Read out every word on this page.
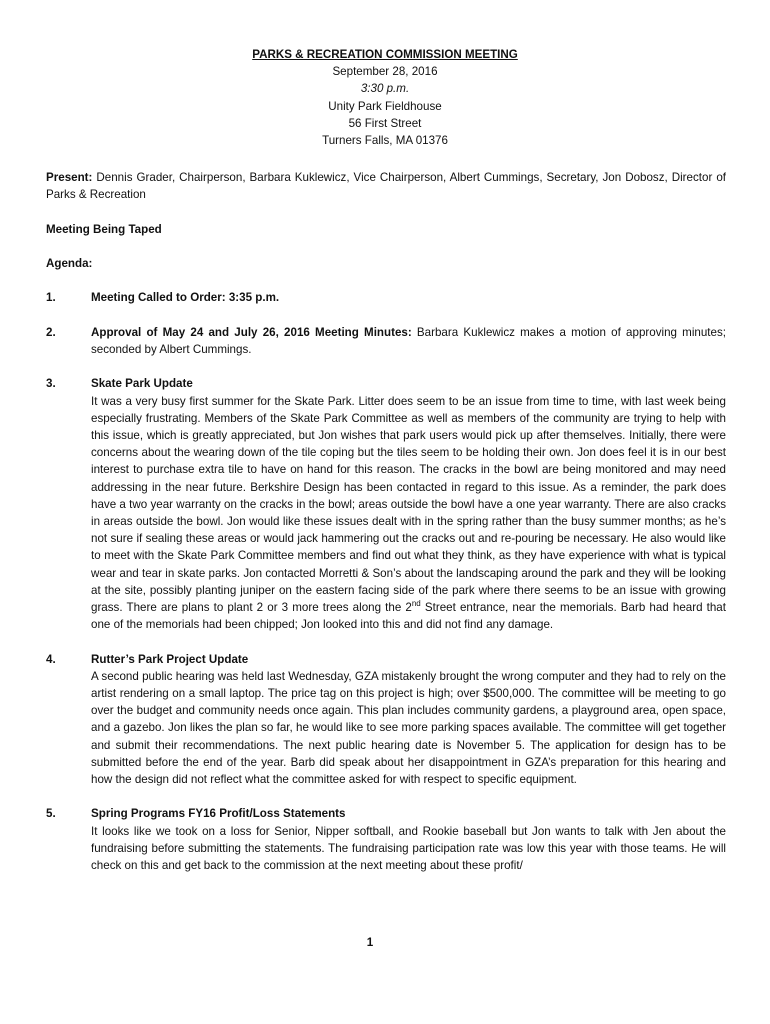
PARKS & RECREATION COMMISSION MEETING
September 28, 2016
3:30 p.m.
Unity Park Fieldhouse
56 First Street
Turners Falls, MA 01376
Present: Dennis Grader, Chairperson, Barbara Kuklewicz, Vice Chairperson, Albert Cummings, Secretary, Jon Dobosz, Director of Parks & Recreation
Meeting Being Taped
Agenda:
1.	Meeting Called to Order: 3:35 p.m.
2.	Approval of May 24 and July 26, 2016 Meeting Minutes: Barbara Kuklewicz makes a motion of approving minutes; seconded by Albert Cummings.
3.	Skate Park Update
It was a very busy first summer for the Skate Park. Litter does seem to be an issue from time to time, with last week being especially frustrating. Members of the Skate Park Committee as well as members of the community are trying to help with this issue, which is greatly appreciated, but Jon wishes that park users would pick up after themselves. Initially, there were concerns about the wearing down of the tile coping but the tiles seem to be holding their own. Jon does feel it is in our best interest to purchase extra tile to have on hand for this reason. The cracks in the bowl are being monitored and may need addressing in the near future. Berkshire Design has been contacted in regard to this issue. As a reminder, the park does have a two year warranty on the cracks in the bowl; areas outside the bowl have a one year warranty. There are also cracks in areas outside the bowl. Jon would like these issues dealt with in the spring rather than the busy summer months; as he’s not sure if sealing these areas or would jack hammering out the cracks out and re-pouring be necessary. He also would like to meet with the Skate Park Committee members and find out what they think, as they have experience with what is typical wear and tear in skate parks. Jon contacted Morretti & Son’s about the landscaping around the park and they will be looking at the site, possibly planting juniper on the eastern facing side of the park where there seems to be an issue with growing grass. There are plans to plant 2 or 3 more trees along the 2nd Street entrance, near the memorials. Barb had heard that one of the memorials had been chipped; Jon looked into this and did not find any damage.
4.	Rutter’s Park Project Update
A second public hearing was held last Wednesday, GZA mistakenly brought the wrong computer and they had to rely on the artist rendering on a small laptop. The price tag on this project is high; over $500,000. The committee will be meeting to go over the budget and community needs once again. This plan includes community gardens, a playground area, open space, and a gazebo. Jon likes the plan so far, he would like to see more parking spaces available. The committee will get together and submit their recommendations. The next public hearing date is November 5. The application for design has to be submitted before the end of the year. Barb did speak about her disappointment in GZA’s preparation for this hearing and how the design did not reflect what the committee asked for with respect to specific equipment.
5.	Spring Programs FY16 Profit/Loss Statements
It looks like we took on a loss for Senior, Nipper softball, and Rookie baseball but Jon wants to talk with Jen about the fundraising before submitting the statements. The fundraising participation rate was low this year with those teams. He will check on this and get back to the commission at the next meeting about these profit/
1
